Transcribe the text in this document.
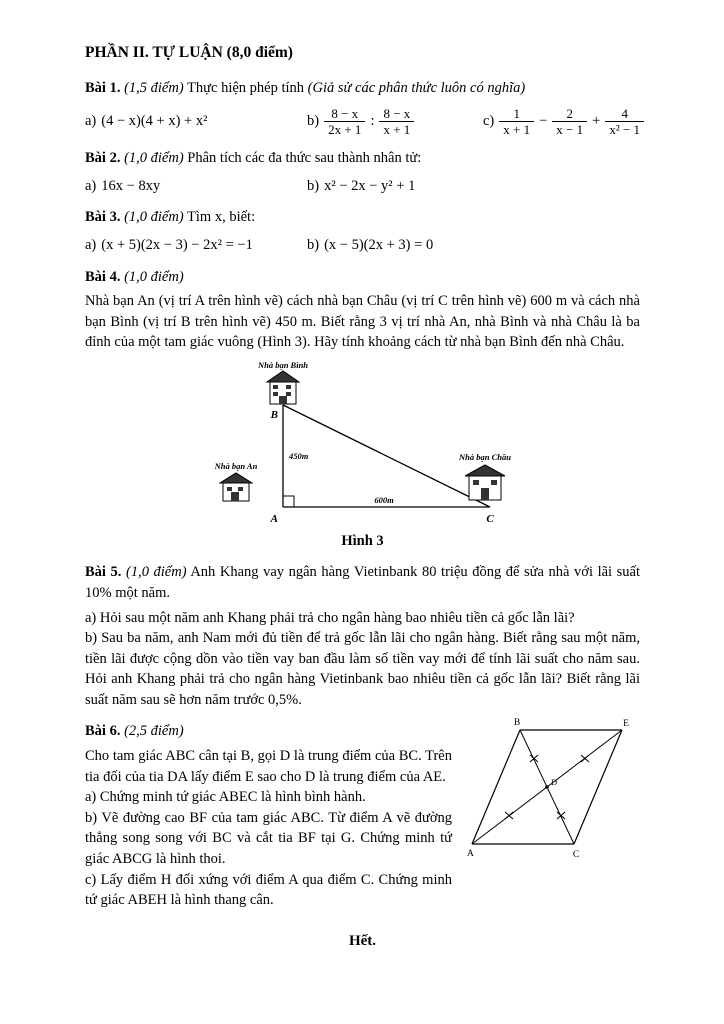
PHẦN II. TỰ LUẬN (8,0 điểm)

Bài 1. (1,5 điểm) Thực hiện phép tính (Giả sử các phân thức luôn có nghĩa)

a) (4 − x)(4 + x) + x²	$b) \frac{8 - x}{2x + 1}$ : $\frac{8 - x}{x + 1}$	$c) \frac{1}{x + 1} - \frac{2}{x - 1} + \frac{4}{\text{x² − 1}}$

Bài 2. (1,0 điểm) Phân tích các đa thức sau thành nhân tử:

a) 16x − 8xy	b) x² − 2x − y² + 1

Bài 3. (1,0 điểm) Tìm x, biết:

a) (x + 5)(2x − 3) − 2x² = −1	b) (x − 5)(2x + 3) = 0

Bài 4. (1,0 điểm)

Nhà bạn An (vị trí A trên hình vẽ) cách nhà bạn Châu (vị trí C trên hình vẽ) 600 m và cách nhà bạn Bình (vị trí B trên hình vẽ) 450 m. Biết rằng 3 vị trí nhà An, nhà Bình và nhà Châu là ba đỉnh của một tam giác vuông (Hình 3). Hãy tính khoảng cách từ nhà bạn Bình đến nhà Châu.

Nhà bạn Bình
Nhà bạn An
Nhà bạn Chầu
450m
600m
B
A	C

Hình 3

Bài 5. (1,0 điểm) Anh Khang vay ngân hàng Vietinbank 80 triệu đồng để sửa nhà với lãi suất 10% một năm.

a) Hỏi sau một năm anh Khang phải trả cho ngân hàng bao nhiêu tiền cả gốc lẫn lãi?

b) Sau ba năm, anh Nam mới đủ tiền để trả gốc lẫn lãi cho ngân hàng. Biết rằng sau một năm, tiền lãi được cộng dồn vào tiền vay ban đầu làm số tiền vay mới để tính lãi suất cho năm sau. Hỏi anh Khang phải trả cho ngân hàng Vietinbank bao nhiêu tiền cả gốc lẫn lãi? Biết rằng lãi suất năm sau sẽ hơn năm trước 0,5%.

Bài 6. (2,5 điểm)

Cho tam giác ABC cân tại B, gọi D là trung điểm của BC. Trên tia đối của tia DA lấy điểm E sao cho D là trung điểm của AE.

a) Chứng minh tứ giác ABEC là hình bình hành.

b) Vẽ đường cao BF của tam giác ABC. Từ điểm A vẽ đường thẳng song song với BC và cắt tia BF tại G. Chứng minh tứ giác ABCG là hình thoi.

c) Lấy điểm H đối xứng với điểm A qua điểm C. Chứng minh tứ giác ABEH là hình thang cân.

B	E
A	C
D

Hết.
